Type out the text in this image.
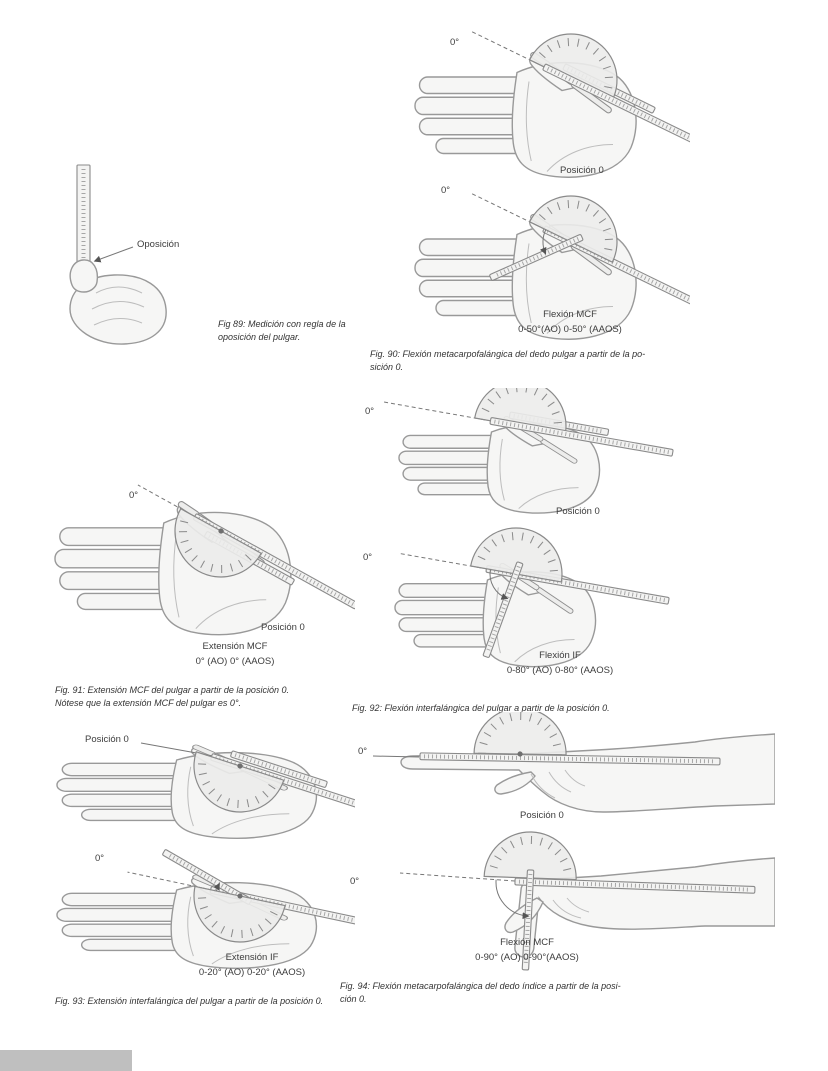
Oposición
Fig 89: Medición con regla de la
oposición del pulgar.
0°
Posición 0
0°
Flexión MCF
0-50°(AO) 0-50° (AAOS)
Fig. 90: Flexión metacarpofalángica del dedo pulgar a partir de la po-
sición 0.
0°
Posición 0
Extensión MCF
0° (AO) 0° (AAOS)
Fig. 91: Extensión MCF del pulgar a partir de la posición 0.
Nótese que la extensión MCF del pulgar es 0°.
0°
Posición 0
0°
Flexión IF
0-80° (AO) 0-80° (AAOS)
Fig. 92: Flexión interfalángica del pulgar a partir de la posición 0.
Posición 0
0°
Extensión IF
0-20° (AO) 0-20° (AAOS)
Fig. 93: Extensión interfalángica del pulgar a partir de la posición 0.
0°
Posición 0
0°
Flexión MCF
0-90° (AO) 0-90°(AAOS)
Fig. 94: Flexión metacarpofalángica del dedo índice a partir de la posi-
ción 0.
